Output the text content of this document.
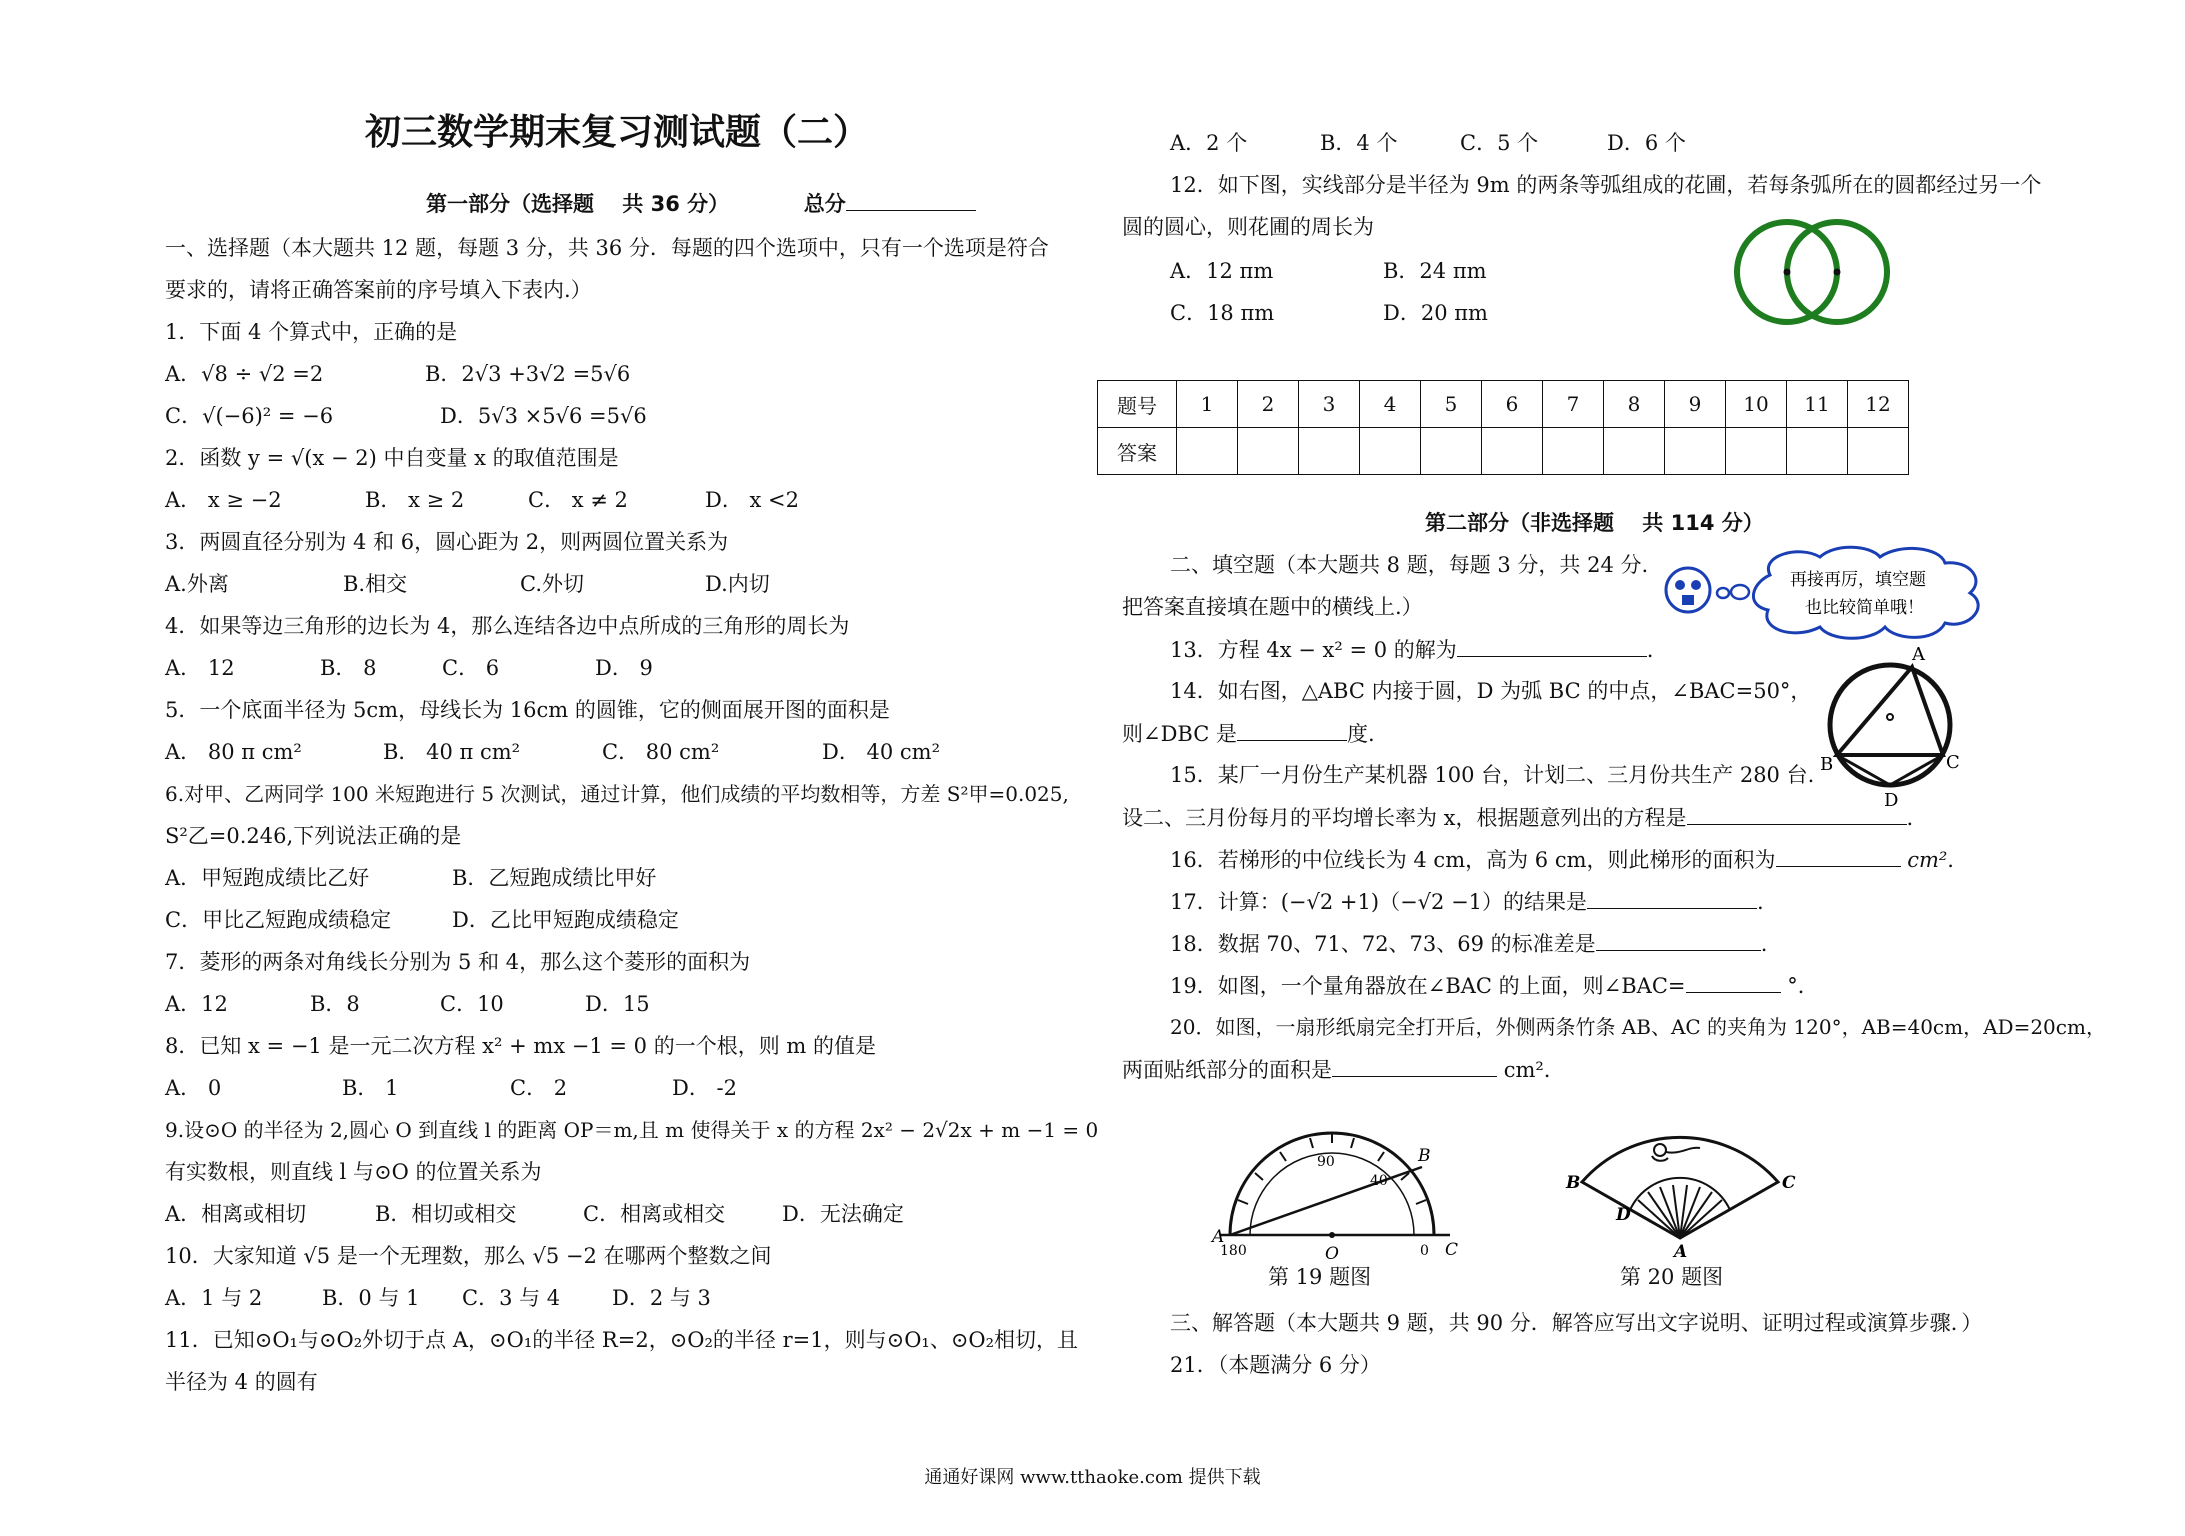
初三数学期末复习测试题（二）
第一部分（选择题　 共 36 分）	总分
一、选择题（本大题共 12 题，每题 3 分，共 36 分．每题的四个选项中，只有一个选项是符合
要求的，请将正确答案前的序号填入下表内.）
1．下面 4 个算式中，正确的是
A．√8 ÷ √2 =2	B．2√3 +3√2 =5√6
C．√(−6)² = −6	D．5√3 ×5√6 =5√6
2．函数 y = √(x − 2) 中自变量 x 的取值范围是
A． x ≥ −2	B． x ≥ 2	C． x ≠ 2	D． x <2
3．两圆直径分别为 4 和 6，圆心距为 2，则两圆位置关系为
A.外离	B.相交	C.外切	D.内切
4．如果等边三角形的边长为 4，那么连结各边中点所成的三角形的周长为
A． 12	B． 8	C． 6	D． 9
5．一个底面半径为 5cm，母线长为 16cm 的圆锥，它的侧面展开图的面积是
A． 80 π cm²	B． 40 π cm²	C． 80 cm²	D． 40 cm²
6.对甲、乙两同学 100 米短跑进行 5 次测试，通过计算，他们成绩的平均数相等，方差 S²甲=0.025,
S²乙=0.246,下列说法正确的是
A．甲短跑成绩比乙好	B．乙短跑成绩比甲好
C．甲比乙短跑成绩稳定	D．乙比甲短跑成绩稳定
7．菱形的两条对角线长分别为 5 和 4，那么这个菱形的面积为
A．12	B．8	C．10	D．15
8．已知 x = −1 是一元二次方程 x² + mx −1 = 0 的一个根，则 m 的值是
A． 0	B． 1	C． 2	D． -2
9.设⊙O 的半径为 2,圆心 O 到直线 l 的距离 OP＝m,且 m 使得关于 x 的方程 2x² − 2√2x + m −1 = 0
有实数根，则直线 l 与⊙O 的位置关系为
A．相离或相切	B．相切或相交	C．相离或相交	D．无法确定
10．大家知道 √5 是一个无理数，那么 √5 −2 在哪两个整数之间
A．1 与 2	B．0 与 1 C．3 与 4 D．2 与 3
11．已知⊙O₁与⊙O₂外切于点 A，⊙O₁的半径 R=2，⊙O₂的半径 r=1，则与⊙O₁、⊙O₂相切，且
半径为 4 的圆有
A．2 个	B．4 个	C．5 个	D．6 个
12．如下图，实线部分是半径为 9m 的两条等弧组成的花圃，若每条弧所在的圆都经过另一个
圆的圆心，则花圃的周长为
A．12 πm	B．24 πm
C．18 πm	D．20 πm
题号	1	2	3	4	5	6	7	8	9	10	11	12
答案												
第二部分（非选择题　 共 114 分）
二、填空题（本大题共 8 题，每题 3 分，共 24 分.
把答案直接填在题中的横线上.）
再接再厉，填空题
也比较简单哦！
13．方程 4x − x² = 0 的解为	.
14．如右图，△ABC 内接于圆，D 为弧 BC 的中点，∠BAC=50°，
则∠DBC 是	度.
A
B	C
D
15．某厂一月份生产某机器 100 台，计划二、三月份共生产 280 台.
设二、三月份每月的平均增长率为 x，根据题意列出的方程是	.
16．若梯形的中位线长为 4 cm，高为 6 cm，则此梯形的面积为	cm².
17．计算：(−√2 +1)（−√2 −1）的结果是	.
18．数据 70、71、72、73、69 的标准差是	.
19．如图，一个量角器放在∠BAC 的上面，则∠BAC=	°．
20．如图，一扇形纸扇完全打开后，外侧两条竹条 AB、AC 的夹角为 120°，AB=40cm，AD=20cm，
两面贴纸部分的面积是	cm².
A
B
C
O
180	0
90
40
第 19 题图
A
B	C
D
第 20 题图
三、解答题（本大题共 9 题，共 90 分．解答应写出文字说明、证明过程或演算步骤．）
21．（本题满分 6 分）
通通好课网 www.tthaoke.com 提供下载
